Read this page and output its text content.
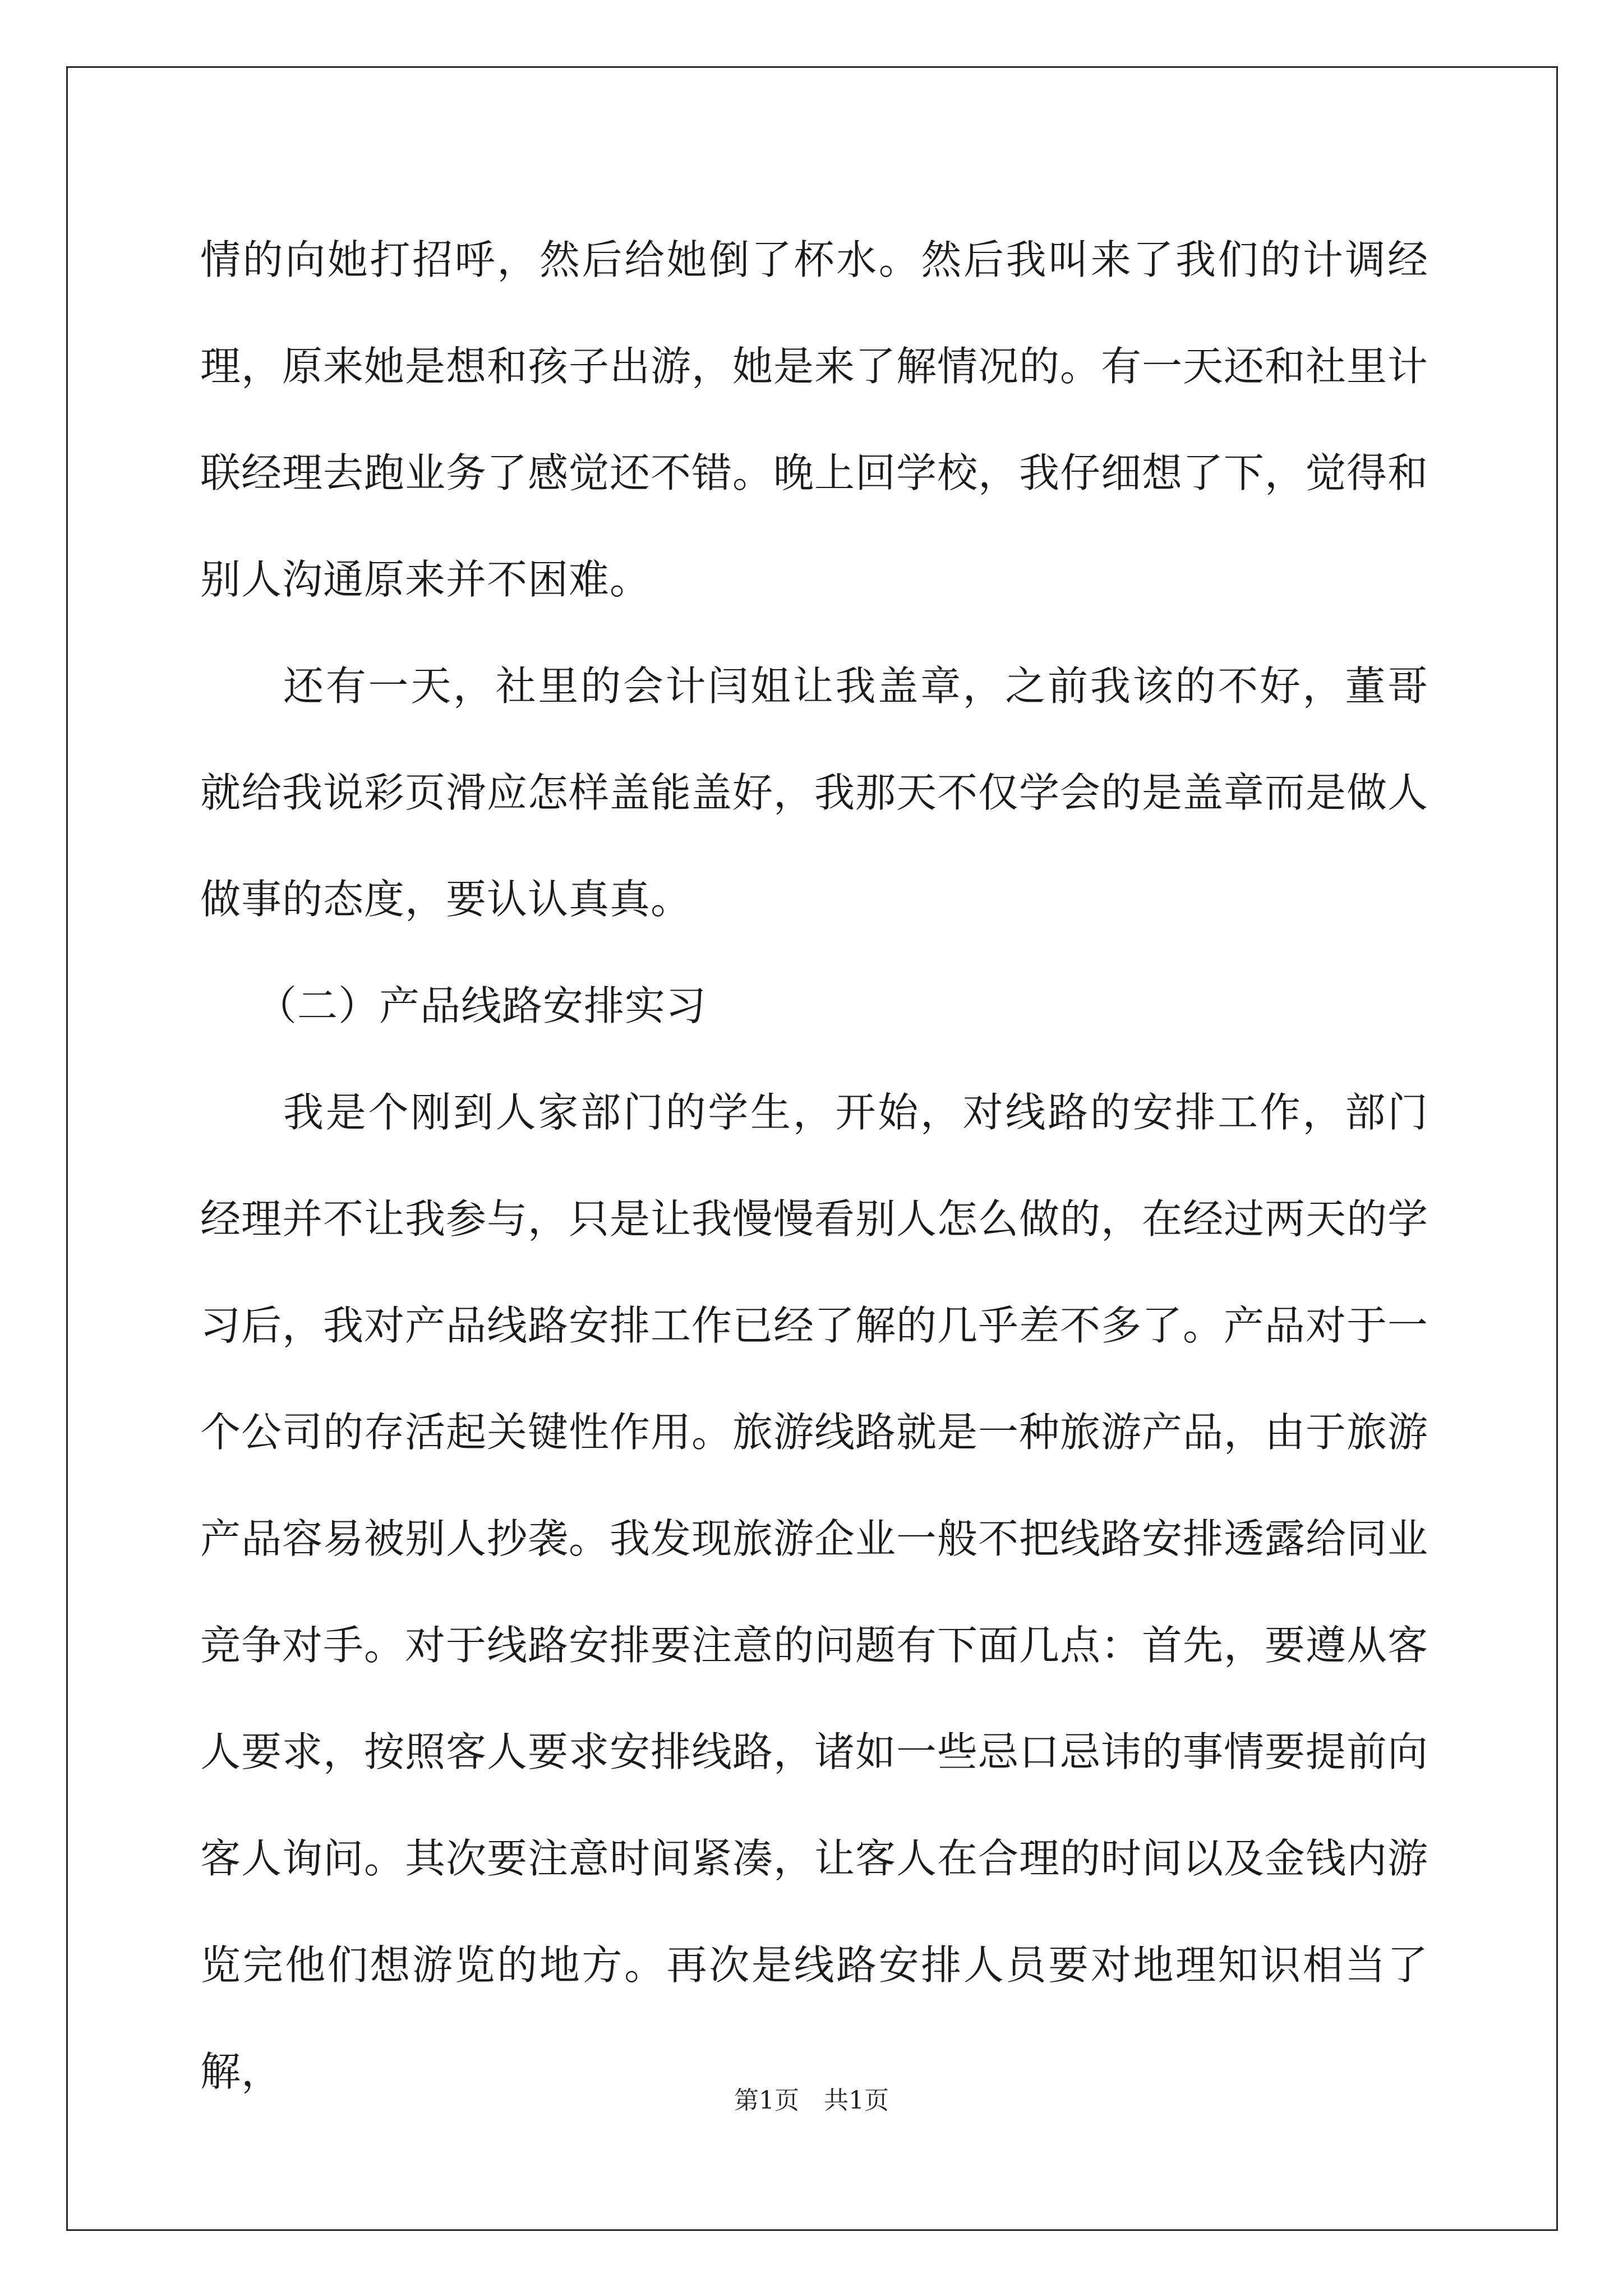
情的向她打招呼，然后给她倒了杯水。然后我叫来了我们的计调经理，原来她是想和孩子出游，她是来了解情况的。有一天还和社里计联经理去跑业务了感觉还不错。晚上回学校，我仔细想了下，觉得和别人沟通原来并不困难。

还有一天，社里的会计闫姐让我盖章，之前我该的不好，董哥就给我说彩页滑应怎样盖能盖好，我那天不仅学会的是盖章而是做人做事的态度，要认认真真。

（二）产品线路安排实习

我是个刚到人家部门的学生，开始，对线路的安排工作，部门经理并不让我参与，只是让我慢慢看别人怎么做的，在经过两天的学习后，我对产品线路安排工作已经了解的几乎差不多了。产品对于一个公司的存活起关键性作用。旅游线路就是一种旅游产品，由于旅游产品容易被别人抄袭。我发现旅游企业一般不把线路安排透露给同业竞争对手。对于线路安排要注意的问题有下面几点：首先，要遵从客人要求，按照客人要求安排线路，诸如一些忌口忌讳的事情要提前向客人询问。其次要注意时间紧凑，让客人在合理的时间以及金钱内游览完他们想游览的地方。再次是线路安排人员要对地理知识相当了解，

第1页　共1页
